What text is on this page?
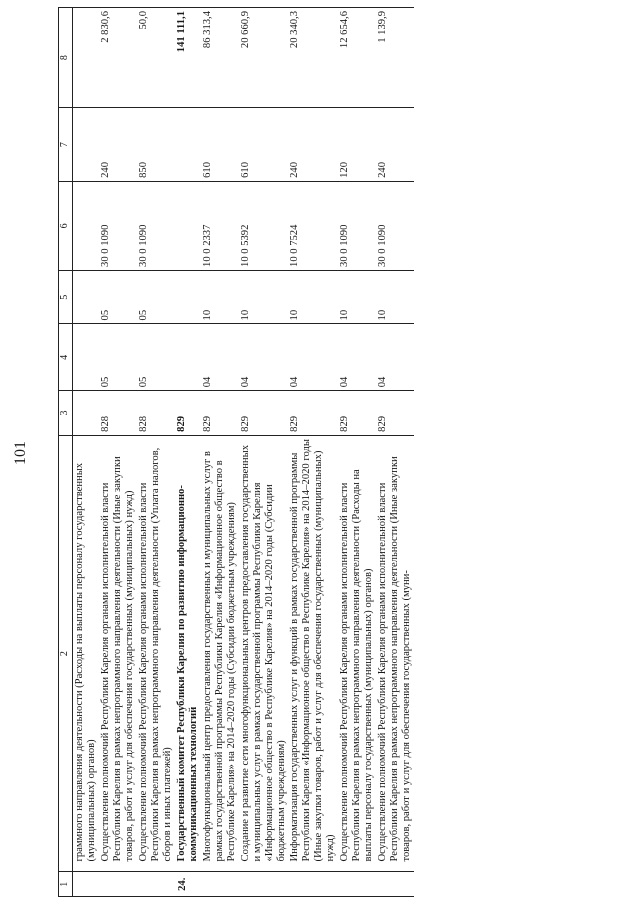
101
1	2	3	4	5	6	7	8
	граммного направления деятельности (Расходы на выплаты персоналу государственных (муниципальных) органов)						
	Осуществление полномочий Республики Карелия органами исполнительной власти Республики Карелия в рамках непрограммного направления деятельности (Иные закупки товаров, работ и услуг для обеспечения государственных (муниципальных) нужд)	828	05	05	30 0 1090	240	2 830,6
	Осуществление полномочий Республики Карелия органами исполнительной власти Республики Карелия в рамках непрограммного направления деятельности (Уплата налогов, сборов и иных платежей)	828	05	05	30 0 1090	850	50,0
24.	Государственный комитет Республики Карелия по развитию информационно-коммуникационных технологий	829					141 111,1
	Многофункциональный центр предоставления государственных и муниципальных услуг в рамках государственной программы Республики Карелия «Информационное общество в Республике Карелия» на 2014–2020 годы (Субсидии бюджетным учреждениям)	829	04	10	10 0 2337	610	86 313,4
	Создание и развитие сети многофункциональных центров предоставления государственных и муниципальных услуг в рамках государственной программы Республики Карелия «Информационное общество в Республике Карелия» на 2014–2020 годы (Субсидии бюджетным учреждениям)	829	04	10	10 0 5392	610	20 660,9
	Информатизация государственных услуг и функций в рамках государственной программы Республики Карелия «Информационное общество в Республике Карелия» на 2014–2020 годы (Иные закупки товаров, работ и услуг для обеспечения государственных (муниципальных) нужд)	829	04	10	10 0 7524	240	20 340,3
	Осуществление полномочий Республики Карелия органами исполнительной власти Республики Карелия в рамках непрограммного направления деятельности (Расходы на выплаты персоналу государственных (муниципальных) органов)	829	04	10	30 0 1090	120	12 654,6
	Осуществление полномочий Республики Карелия органами исполнительной власти Республики Карелия в рамках непрограммного направления деятельности (Иные закупки товаров, работ и услуг для обеспечения государственных (муни-	829	04	10	30 0 1090	240	1 139,9
